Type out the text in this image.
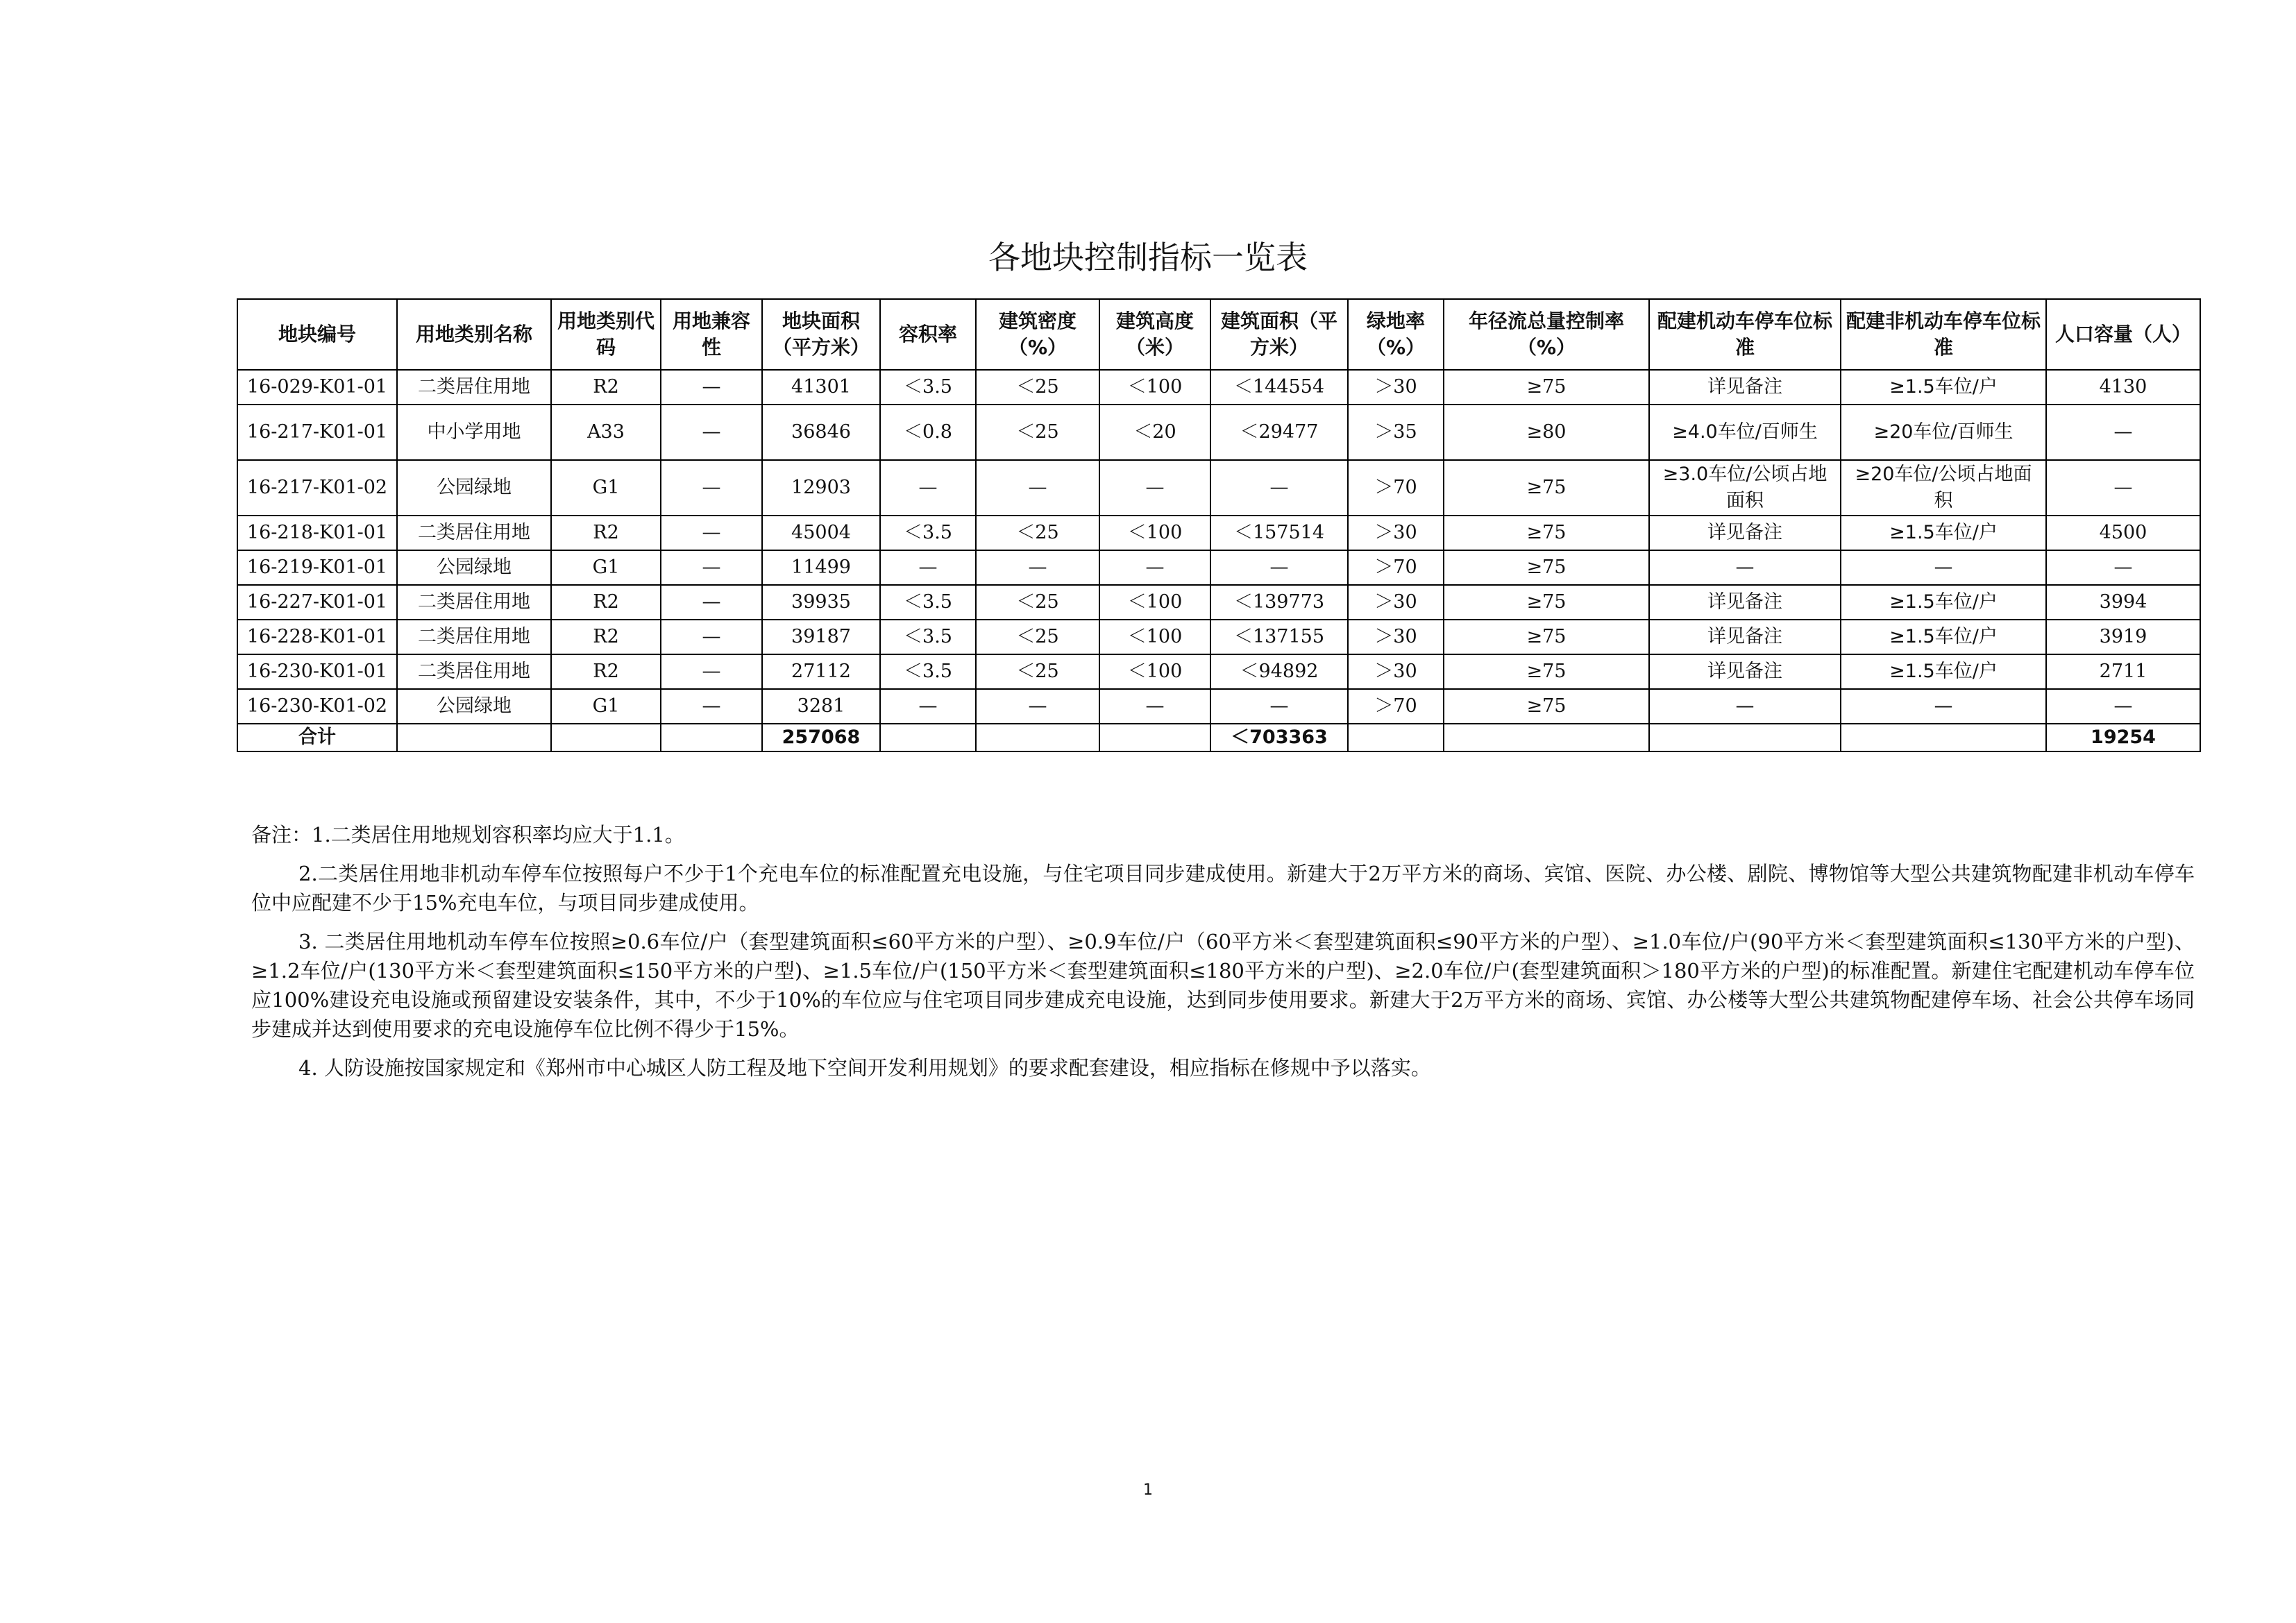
各地块控制指标一览表
地块编号	用地类别名称	用地类别代码	用地兼容性	地块面积（平方米）	容积率	建筑密度（%）	建筑高度（米）	建筑面积（平方米）	绿地率（%）	年径流总量控制率（%）	配建机动车停车位标准	配建非机动车停车位标准	人口容量（人）
16-029-K01-01	二类居住用地	R2	—	41301	＜3.5	＜25	＜100	＜144554	＞30	≥75	详见备注	≥1.5车位/户	4130
16-217-K01-01	中小学用地	A33	—	36846	＜0.8	＜25	＜20	＜29477	＞35	≥80	≥4.0车位/百师生	≥20车位/百师生	—
16-217-K01-02	公园绿地	G1	—	12903	—	—	—	—	＞70	≥75	≥3.0车位/公顷占地面积	≥20车位/公顷占地面积	—
16-218-K01-01	二类居住用地	R2	—	45004	＜3.5	＜25	＜100	＜157514	＞30	≥75	详见备注	≥1.5车位/户	4500
16-219-K01-01	公园绿地	G1	—	11499	—	—	—	—	＞70	≥75	—	—	—
16-227-K01-01	二类居住用地	R2	—	39935	＜3.5	＜25	＜100	＜139773	＞30	≥75	详见备注	≥1.5车位/户	3994
16-228-K01-01	二类居住用地	R2	—	39187	＜3.5	＜25	＜100	＜137155	＞30	≥75	详见备注	≥1.5车位/户	3919
16-230-K01-01	二类居住用地	R2	—	27112	＜3.5	＜25	＜100	＜94892	＞30	≥75	详见备注	≥1.5车位/户	2711
16-230-K01-02	公园绿地	G1	—	3281	—	—	—	—	＞70	≥75	—	—	—
合计				257068				＜703363					19254

备注：1.二类居住用地规划容积率均应大于1.1。

2.二类居住用地非机动车停车位按照每户不少于1个充电车位的标准配置充电设施，与住宅项目同步建成使用。新建大于2万平方米的商场、宾馆、医院、办公楼、剧院、博物馆等大型公共建筑物配建非机动车停车位中应配建不少于15%充电车位，与项目同步建成使用。

3. 二类居住用地机动车停车位按照≥0.6车位/户（套型建筑面积≤60平方米的户型）、≥0.9车位/户（60平方米＜套型建筑面积≤90平方米的户型）、≥1.0车位/户(90平方米＜套型建筑面积≤130平方米的户型)、≥1.2车位/户(130平方米＜套型建筑面积≤150平方米的户型)、≥1.5车位/户(150平方米＜套型建筑面积≤180平方米的户型)、≥2.0车位/户(套型建筑面积＞180平方米的户型)的标准配置。新建住宅配建机动车停车位应100%建设充电设施或预留建设安装条件，其中，不少于10%的车位应与住宅项目同步建成充电设施，达到同步使用要求。新建大于2万平方米的商场、宾馆、办公楼等大型公共建筑物配建停车场、社会公共停车场同步建成并达到使用要求的充电设施停车位比例不得少于15%。

4. 人防设施按国家规定和《郑州市中心城区人防工程及地下空间开发利用规划》的要求配套建设，相应指标在修规中予以落实。

1
